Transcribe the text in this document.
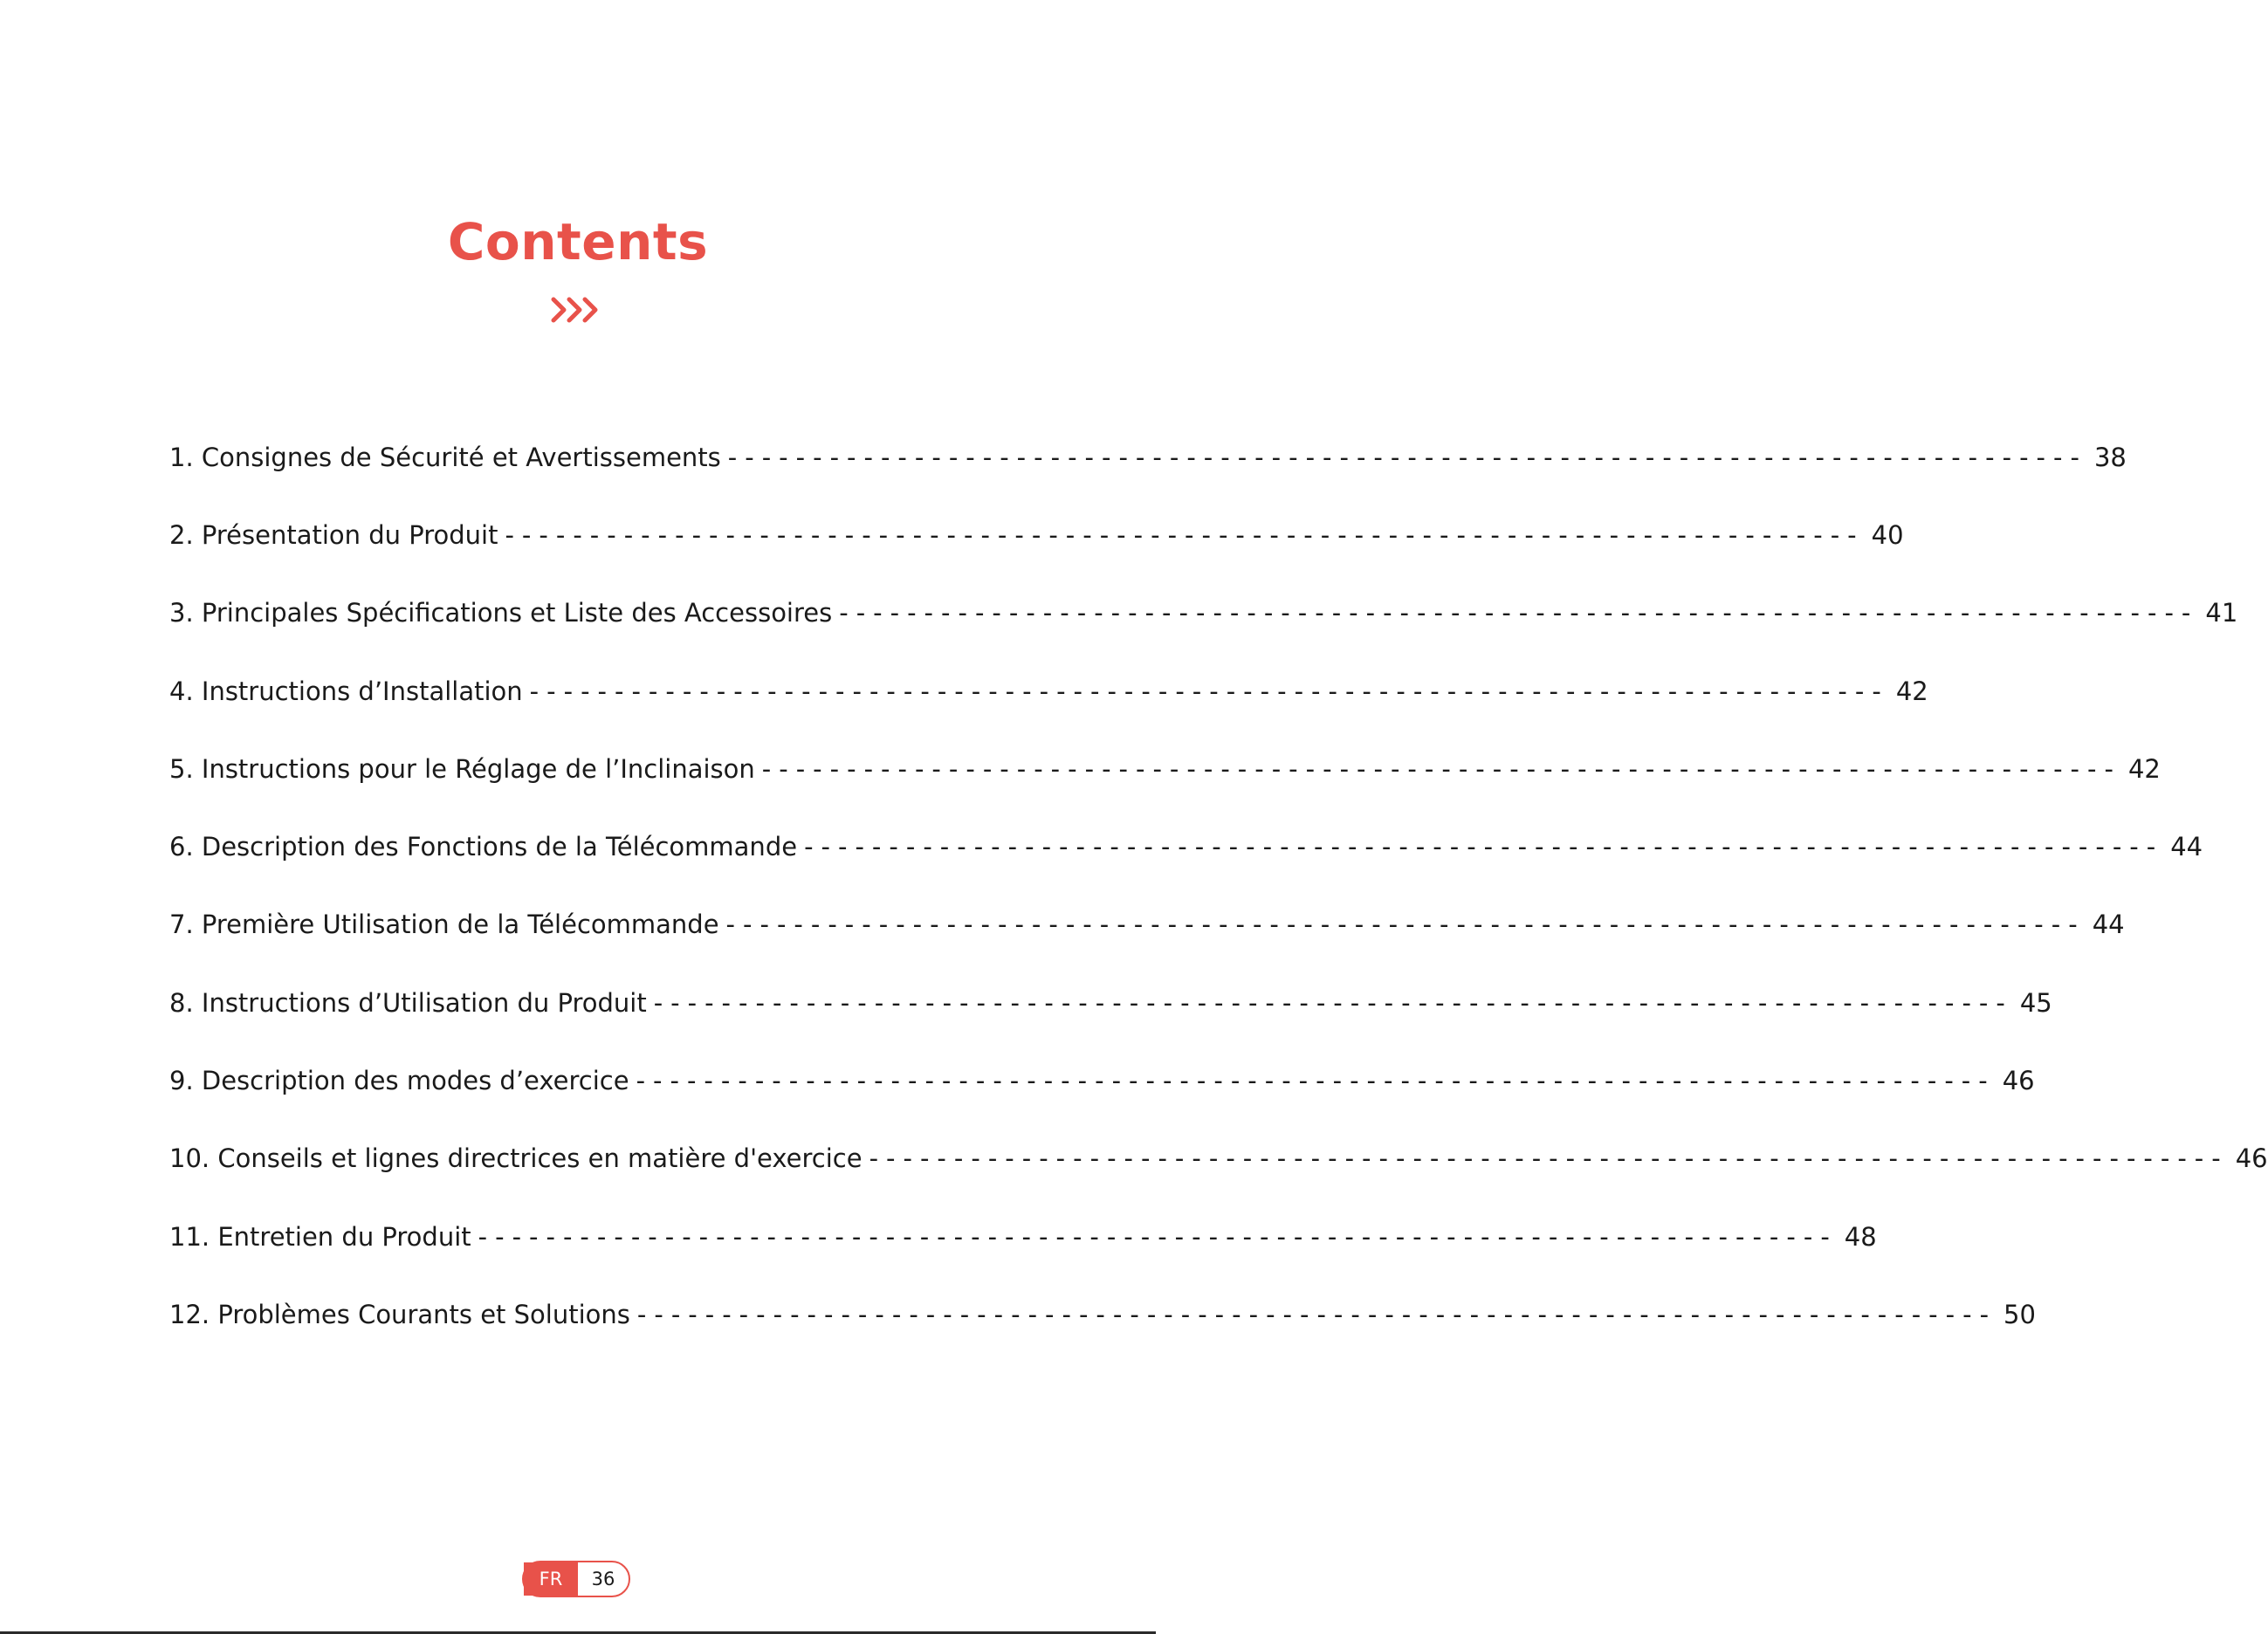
Contents
1. Consignes de Sécurité et Avertissements -------------------------------------------------------------------------------- 38
2. Présentation du Produit -------------------------------------------------------------------------------- 40
3. Principales Spécifications et Liste des Accessoires -------------------------------------------------------------------------------- 41
4. Instructions d’Installation -------------------------------------------------------------------------------- 42
5. Instructions pour le Réglage de l’Inclinaison -------------------------------------------------------------------------------- 42
6. Description des Fonctions de la Télécommande -------------------------------------------------------------------------------- 44
7. Première Utilisation de la Télécommande -------------------------------------------------------------------------------- 44
8. Instructions d’Utilisation du Produit -------------------------------------------------------------------------------- 45
9. Description des modes d’exercice -------------------------------------------------------------------------------- 46
10. Conseils et lignes directrices en matière d'exercice -------------------------------------------------------------------------------- 46
11. Entretien du Produit -------------------------------------------------------------------------------- 48
12. Problèmes Courants et Solutions -------------------------------------------------------------------------------- 50
FR	36
